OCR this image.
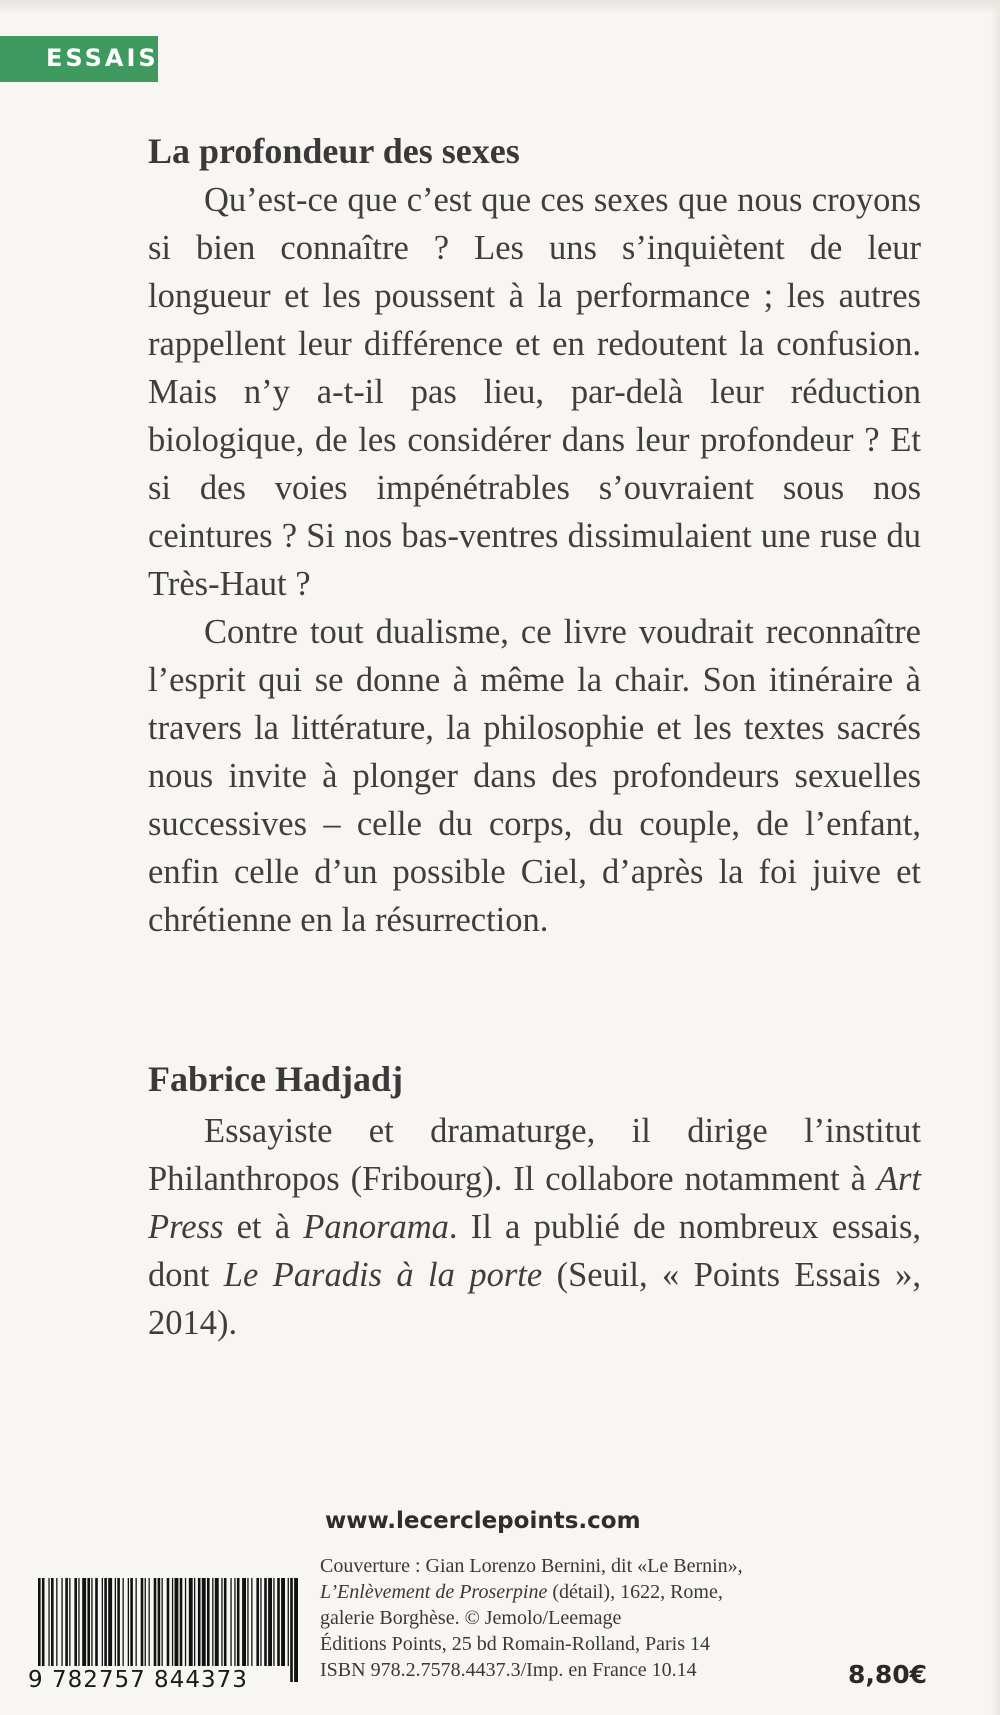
ESSAIS
La profondeur des sexes

Qu’est-ce que c’est que ces sexes que nous croyons si bien connaître ? Les uns s’inquiètent de leur longueur et les poussent à la performance ; les autres rappellent leur différence et en redoutent la confusion. Mais n’y a-t-il pas lieu, par-delà leur réduction biologique, de les considérer dans leur profondeur ? Et si des voies impénétrables s’ouvraient sous nos ceintures ? Si nos bas-ventres dissimulaient une ruse du Très-Haut ?

Contre tout dualisme, ce livre voudrait reconnaître l’esprit qui se donne à même la chair. Son itinéraire à travers la littérature, la philosophie et les textes sacrés nous invite à plonger dans des profondeurs sexuelles successives – celle du corps, du couple, de l’enfant, enfin celle d’un possible Ciel, d’après la foi juive et chrétienne en la résurrection.

Fabrice Hadjadj

Essayiste et dramaturge, il dirige l’institut Philanthropos (Fribourg). Il collabore notamment à Art Press et à Panorama. Il a publié de nombreux essais, dont Le Paradis à la porte (Seuil, « Points Essais », 2014).

www.lecerclepoints.com
Couverture : Gian Lorenzo Bernini, dit «Le Bernin»,
L’Enlèvement de Proserpine (détail), 1622, Rome,
galerie Borghèse. © Jemolo/Leemage
Éditions Points, 25 bd Romain-Rolland, Paris 14
ISBN 978.2.7578.4437.3/Imp. en France 10.14
9 782757 844373	8,80€
